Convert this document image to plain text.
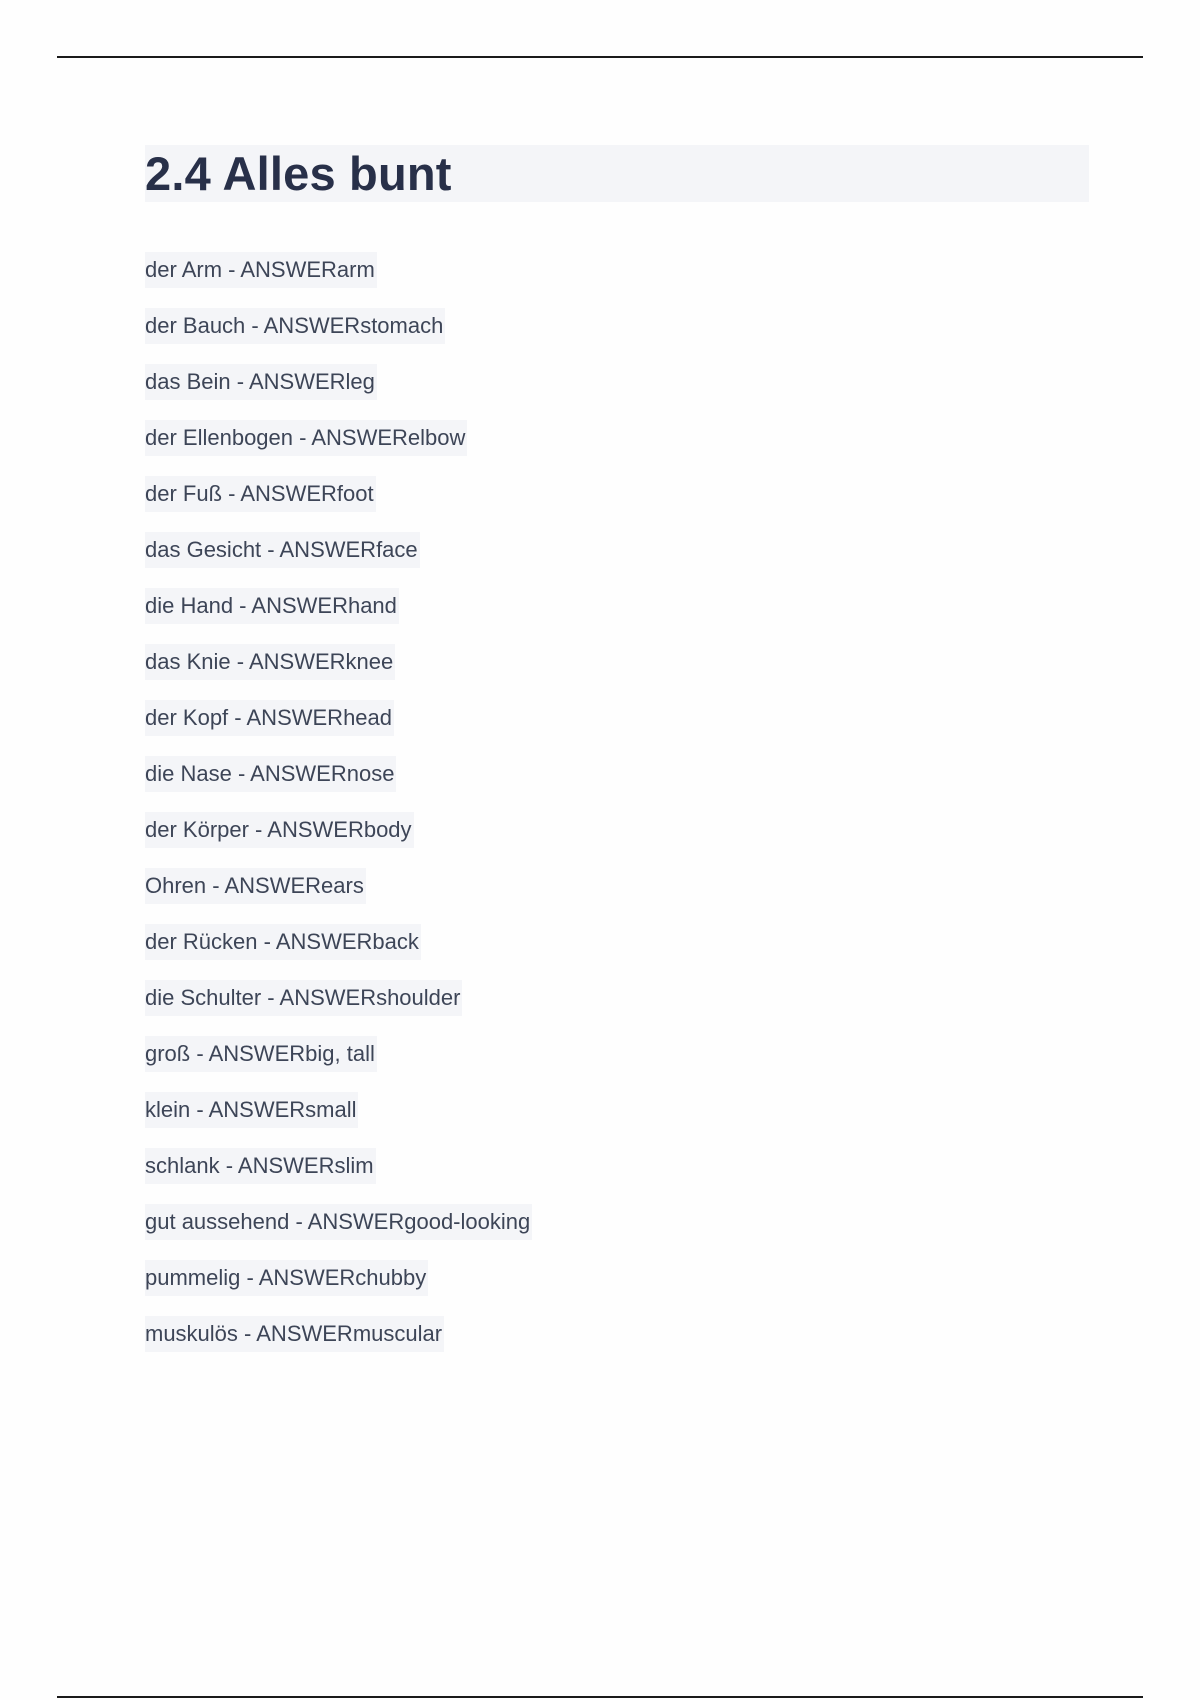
2.4 Alles bunt
der Arm - ANSWERarm
der Bauch - ANSWERstomach
das Bein - ANSWERleg
der Ellenbogen - ANSWERelbow
der Fuß - ANSWERfoot
das Gesicht - ANSWERface
die Hand - ANSWERhand
das Knie - ANSWERknee
der Kopf - ANSWERhead
die Nase - ANSWERnose
der Körper - ANSWERbody
Ohren - ANSWERears
der Rücken - ANSWERback
die Schulter - ANSWERshoulder
groß - ANSWERbig, tall
klein - ANSWERsmall
schlank - ANSWERslim
gut aussehend - ANSWERgood-looking
pummelig - ANSWERchubby
muskulös - ANSWERmuscular
